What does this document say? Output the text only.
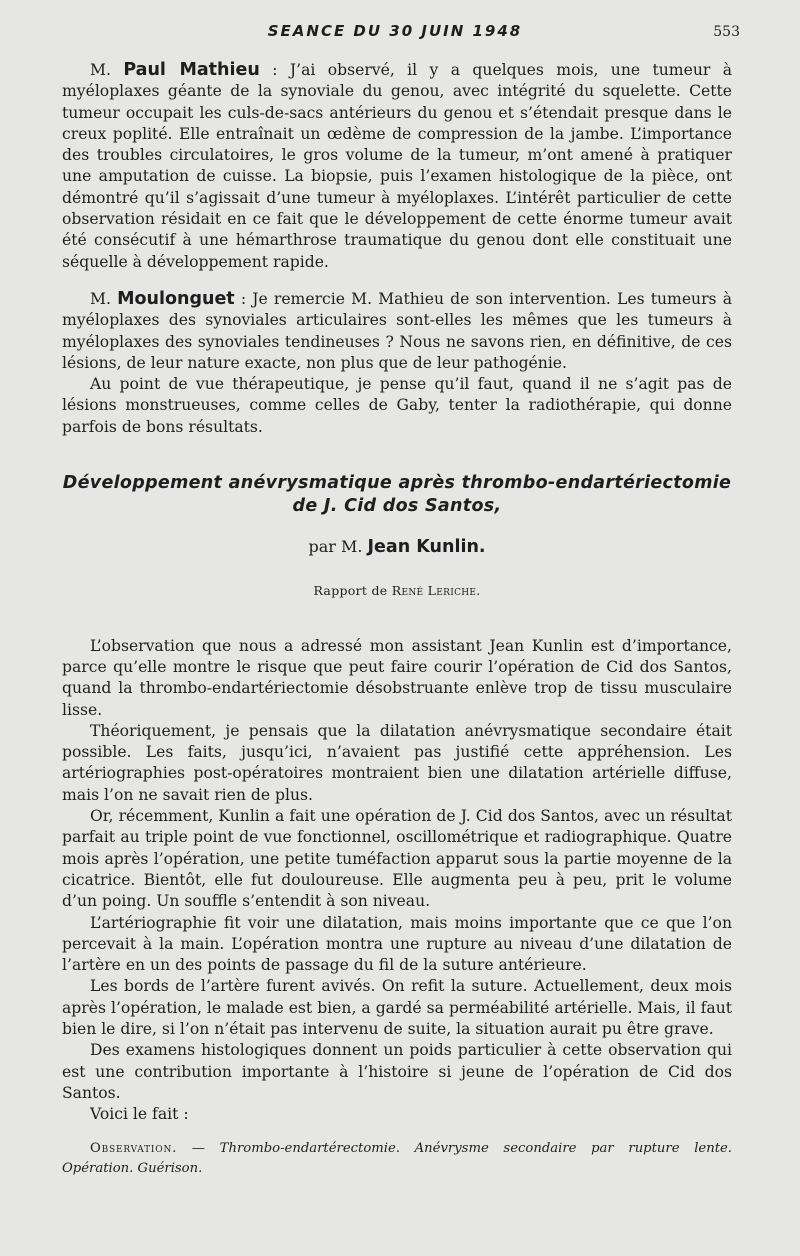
SEANCE DU 30 JUIN 1948	553

M. Paul Mathieu : J’ai observé, il y a quelques mois, une tumeur à myéloplaxes géante de la synoviale du genou, avec intégrité du squelette. Cette tumeur occupait les culs-de-sacs antérieurs du genou et s’étendait presque dans le creux poplité. Elle entraînait un œdème de compression de la jambe. L’importance des troubles circulatoires, le gros volume de la tumeur, m’ont amené à pratiquer une amputation de cuisse. La biopsie, puis l’examen histologique de la pièce, ont démontré qu’il s’agissait d’une tumeur à myéloplaxes. L’intérêt particulier de cette observation résidait en ce fait que le développement de cette énorme tumeur avait été consécutif à une hémarthrose traumatique du genou dont elle constituait une séquelle à développement rapide.

M. Moulonguet : Je remercie M. Mathieu de son intervention. Les tumeurs à myéloplaxes des synoviales articulaires sont-elles les mêmes que les tumeurs à myéloplaxes des synoviales tendineuses ? Nous ne savons rien, en définitive, de ces lésions, de leur nature exacte, non plus que de leur pathogénie.

Au point de vue thérapeutique, je pense qu’il faut, quand il ne s’agit pas de lésions monstrueuses, comme celles de Gaby, tenter la radiothérapie, qui donne parfois de bons résultats.

Développement anévrysmatique après thrombo-endartériectomie
de J. Cid dos Santos,
par M. Jean Kunlin.
Rapport de René Leriche.

L’observation que nous a adressé mon assistant Jean Kunlin est d’importance, parce qu’elle montre le risque que peut faire courir l’opération de Cid dos Santos, quand la thrombo-endartériectomie désobstruante enlève trop de tissu musculaire lisse.

Théoriquement, je pensais que la dilatation anévrysmatique secondaire était possible. Les faits, jusqu’ici, n’avaient pas justifié cette appréhension. Les artériographies post-opératoires montraient bien une dilatation artérielle diffuse, mais l’on ne savait rien de plus.

Or, récemment, Kunlin a fait une opération de J. Cid dos Santos, avec un résultat parfait au triple point de vue fonctionnel, oscillométrique et radiographique. Quatre mois après l’opération, une petite tuméfaction apparut sous la partie moyenne de la cicatrice. Bientôt, elle fut douloureuse. Elle augmenta peu à peu, prit le volume d’un poing. Un souffle s’entendit à son niveau.

L’artériographie fit voir une dilatation, mais moins importante que ce que l’on percevait à la main. L’opération montra une rupture au niveau d’une dilatation de l’artère en un des points de passage du fil de la suture antérieure.

Les bords de l’artère furent avivés. On refit la suture. Actuellement, deux mois après l’opération, le malade est bien, a gardé sa perméabilité artérielle. Mais, il faut bien le dire, si l’on n’était pas intervenu de suite, la situation aurait pu être grave.

Des examens histologiques donnent un poids particulier à cette observation qui est une contribution importante à l’histoire si jeune de l’opération de Cid dos Santos.

Voici le fait :

Observation. — Thrombo-endartérectomie. Anévrysme secondaire par rupture lente. Opération. Guérison.
